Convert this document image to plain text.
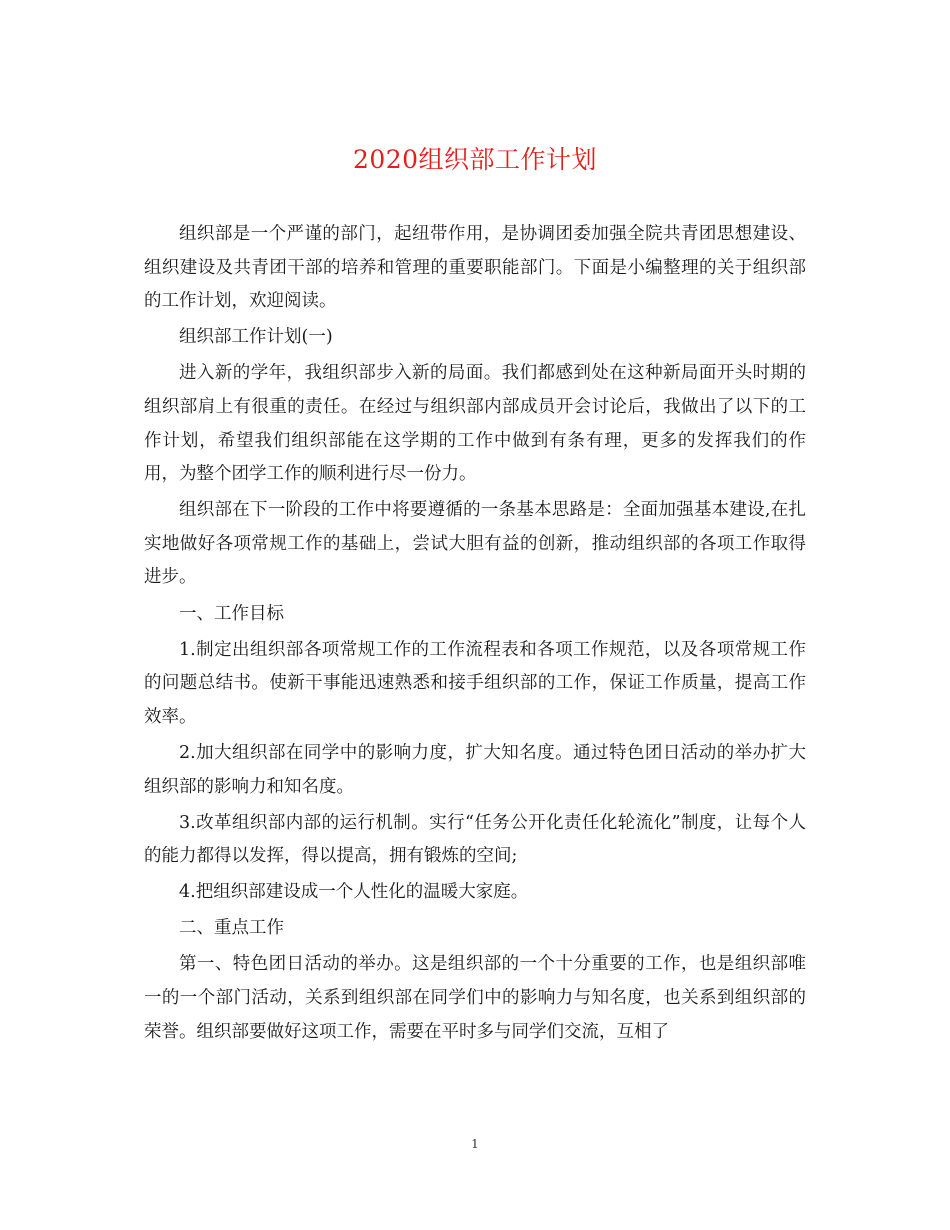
2020组织部工作计划

组织部是一个严谨的部门，起纽带作用，是协调团委加强全院共青团思想建设、组织建设及共青团干部的培养和管理的重要职能部门。下面是小编整理的关于组织部的工作计划，欢迎阅读。

组织部工作计划(一)

进入新的学年，我组织部步入新的局面。我们都感到处在这种新局面开头时期的组织部肩上有很重的责任。在经过与组织部内部成员开会讨论后，我做出了以下的工作计划，希望我们组织部能在这学期的工作中做到有条有理，更多的发挥我们的作用，为整个团学工作的顺利进行尽一份力。

组织部在下一阶段的工作中将要遵循的一条基本思路是：全面加强基本建设,在扎实地做好各项常规工作的基础上，尝试大胆有益的创新，推动组织部的各项工作取得进步。

一、工作目标

1.制定出组织部各项常规工作的工作流程表和各项工作规范，以及各项常规工作的问题总结书。使新干事能迅速熟悉和接手组织部的工作，保证工作质量，提高工作效率。

2.加大组织部在同学中的影响力度，扩大知名度。通过特色团日活动的举办扩大组织部的影响力和知名度。

3.改革组织部内部的运行机制。实行“任务公开化责任化轮流化”制度，让每个人的能力都得以发挥，得以提高，拥有锻炼的空间;

4.把组织部建设成一个人性化的温暖大家庭。

二、重点工作

第一、特色团日活动的举办。这是组织部的一个十分重要的工作，也是组织部唯一的一个部门活动，关系到组织部在同学们中的影响力与知名度，也关系到组织部的荣誉。组织部要做好这项工作，需要在平时多与同学们交流，互相了

1
